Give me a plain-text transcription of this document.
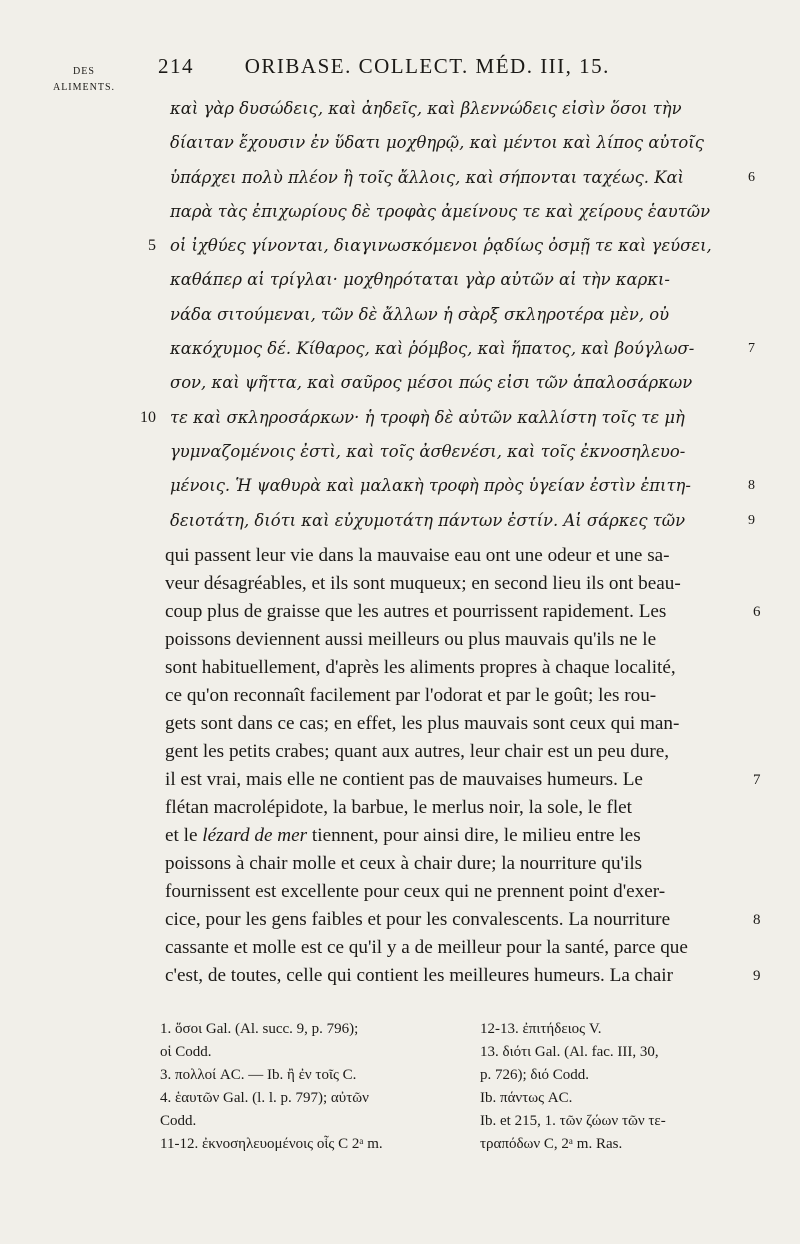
DES
ALIMENTS.
214 ORIBASE. COLLECT. MÉD. III, 15.
καὶ γὰρ δυσώδεις, καὶ ἀηδεῖς, καὶ βλεννώδεις εἰσὶν ὅσοι τὴν
δίαιταν ἔχουσιν ἐν ὕδατι μοχθηρῷ, καὶ μέντοι καὶ λίπος αὐτοῖς
ὑπάρχει πολὺ πλέον ἢ τοῖς ἄλλοις, καὶ σήπονται ταχέως. Καὶ	6
παρὰ τὰς ἐπιχωρίους δὲ τροφὰς ἀμείνους τε καὶ χείρους ἑαυτῶν
5 οἱ ἰχθύες γίνονται, διαγινωσκόμενοι ῥᾳδίως ὀσμῇ τε καὶ γεύσει,
καθάπερ αἱ τρίγλαι· μοχθηρόταται γὰρ αὐτῶν αἱ τὴν καρκι-
νάδα σιτούμεναι, τῶν δὲ ἄλλων ἡ σὰρξ σκληροτέρα μὲν, οὐ
κακόχυμος δέ. Κίθαρος, καὶ ῥόμβος, καὶ ἥπατος, καὶ βούγλωσ-	7
σον, καὶ ψῆττα, καὶ σαῦρος μέσοι πώς εἰσι τῶν ἁπαλοσάρκων
10 τε καὶ σκληροσάρκων· ἡ τροφὴ δὲ αὐτῶν καλλίστη τοῖς τε μὴ
γυμναζομένοις ἐστὶ, καὶ τοῖς ἀσθενέσι, καὶ τοῖς ἐκνοσηλευο-
μένοις. Ἡ ψαθυρὰ καὶ μαλακὴ τροφὴ πρὸς ὑγείαν ἐστὶν ἐπιτη-	8
δειοτάτη, διότι καὶ εὐχυμοτάτη πάντων ἐστίν. Αἱ σάρκες τῶν	9
qui passent leur vie dans la mauvaise eau ont une odeur et une sa-
veur désagréables, et ils sont muqueux; en second lieu ils ont beau-
coup plus de graisse que les autres et pourrissent rapidement. Les	6
poissons deviennent aussi meilleurs ou plus mauvais qu'ils ne le
sont habituellement, d'après les aliments propres à chaque localité,
ce qu'on reconnaît facilement par l'odorat et par le goût; les rou-
gets sont dans ce cas; en effet, les plus mauvais sont ceux qui man-
gent les petits crabes; quant aux autres, leur chair est un peu dure,
il est vrai, mais elle ne contient pas de mauvaises humeurs. Le	7
flétan macrolépidote, la barbue, le merlus noir, la sole, le flet
et le lézard de mer tiennent, pour ainsi dire, le milieu entre les
poissons à chair molle et ceux à chair dure; la nourriture qu'ils
fournissent est excellente pour ceux qui ne prennent point d'exer-
cice, pour les gens faibles et pour les convalescents. La nourriture	8
cassante et molle est ce qu'il y a de meilleur pour la santé, parce que
c'est, de toutes, celle qui contient les meilleures humeurs. La chair	9
1. ὅσοι Gal. (Al. succ. 9, p. 796);
οἱ Codd.
3. πολλοί AC. — Ib. ἢ ἐν τοῖς C.
4. ἑαυτῶν Gal. (l. l. p. 797); αὐτῶν
Codd.
11-12. ἐκνοσηλευομένοις οἷς C 2ᵃ m.
12-13. ἐπιτήδειος V.
13. διότι Gal. (Al. fac. III, 30,
p. 726); διό Codd.
Ib. πάντως AC.
Ib. et 215, 1. τῶν ζώων τῶν τε-
τραπόδων C, 2ᵃ m. Ras.
